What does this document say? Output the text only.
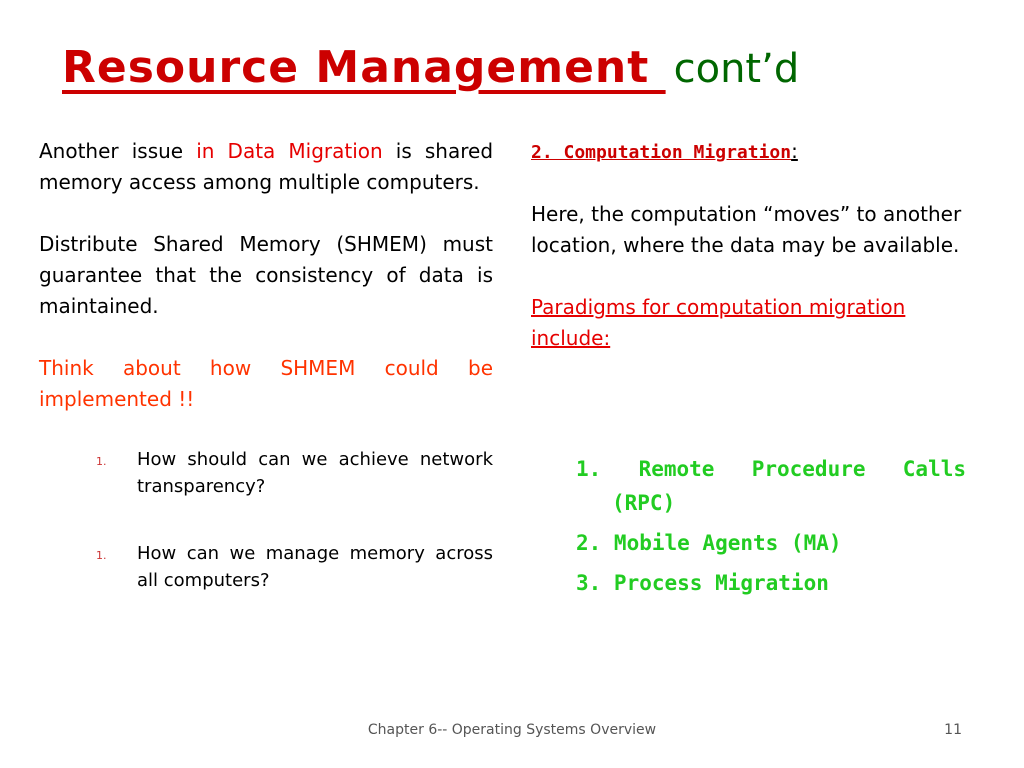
Resource Management cont’d

Another issue in Data Migration is shared memory access among multiple computers.

Distribute Shared Memory (SHMEM) must guarantee that the consistency of data is maintained.

Think about how SHMEM could be implemented !!

1.	How should can we achieve network    transparency?
1.	How can we manage memory across      all computers?

2. Computation Migration:

Here, the computation “moves” to another location, where the data may be available.

Paradigms for computation migration include:

1. Remote Procedure Calls (RPC)
2. Mobile Agents (MA)
3. Process Migration
Chapter 6-- Operating Systems Overview	11
